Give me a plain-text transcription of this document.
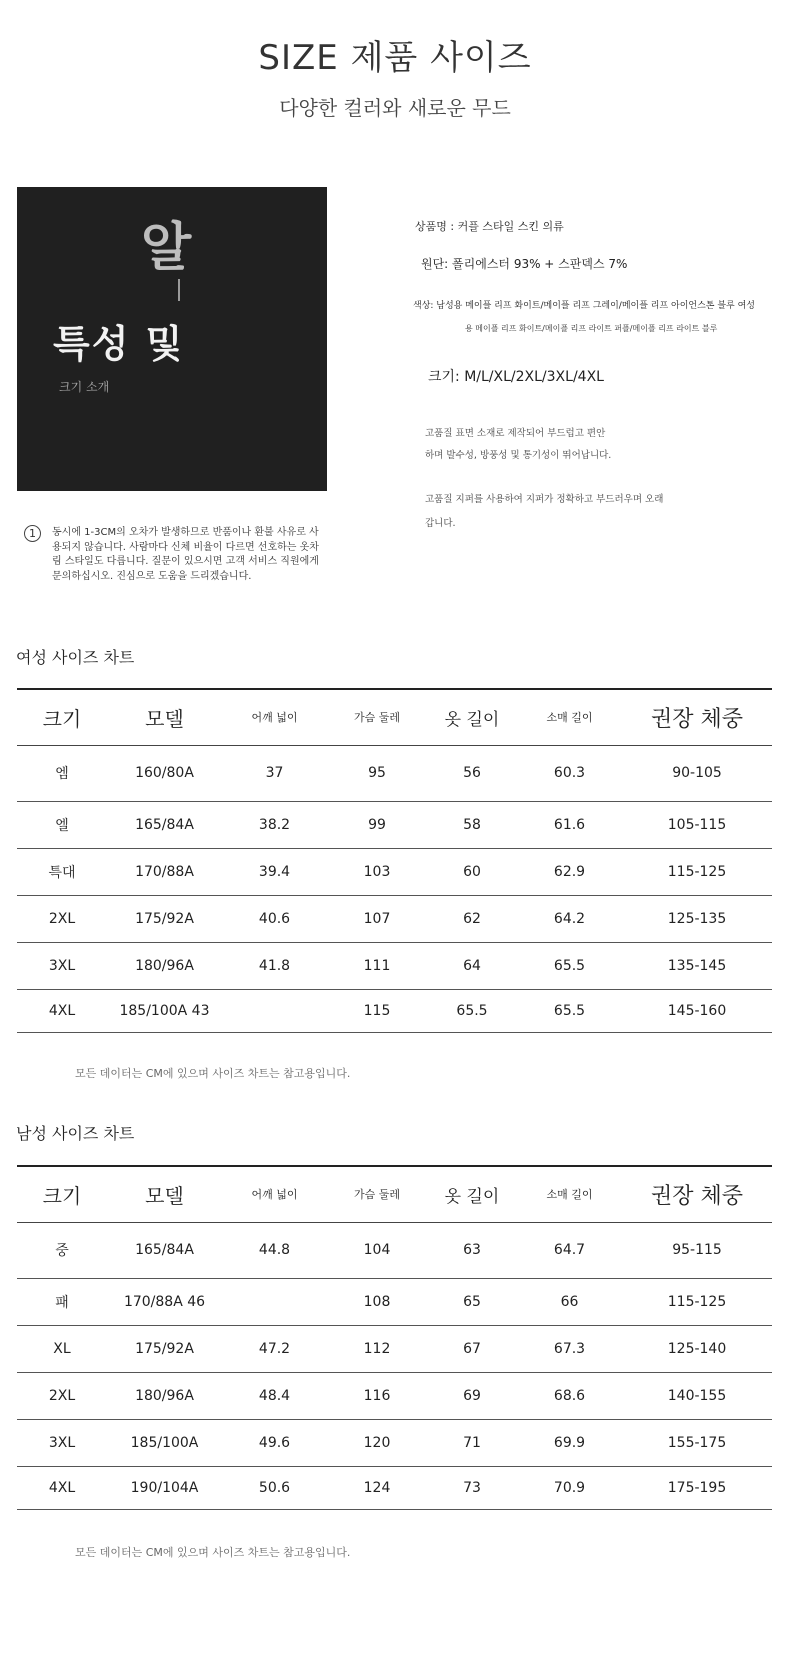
SIZE 제품 사이즈
다양한 컬러와 새로운 무드
알
특성 및
크기 소개
1	동시에 1-3CM의 오차가 발생하므로 반품이나 환불 사유로 사용되지 않습니다. 사람마다 신체 비율이 다르면 선호하는 옷차림 스타일도 다릅니다. 질문이 있으시면 고객 서비스 직원에게 문의하십시오. 진심으로 도움을 드리겠습니다.
상품명 : 커플 스타일 스킨 의류
원단: 폴리에스터 93% + 스판덱스 7%
색상: 남성용 메이플 리프 화이트/메이플 리프 그레이/메이플 리프 아이언스톤 블루 여성
용 메이플 리프 화이트/메이플 리프 라이트 퍼플/메이플 리프 라이트 블루
크기: M/L/XL/2XL/3XL/4XL
고품질 표면 소재로 제작되어 부드럽고 편안
하며 발수성, 방풍성 및 통기성이 뛰어납니다.
고품질 지퍼를 사용하여 지퍼가 정확하고 부드러우며 오래
갑니다.
여성 사이즈 차트
크기	모델	어깨 넓이	가슴 둘레	옷 길이	소매 길이	권장 체중
엠	160/80A	37	95	56	60.3	90-105
엘	165/84A	38.2	99	58	61.6	105-115
특대	170/88A	39.4	103	60	62.9	115-125
2XL	175/92A	40.6	107	62	64.2	125-135
3XL	180/96A	41.8	111	64	65.5	135-145
4XL	185/100A 43		115	65.5	65.5	145-160
모든 데이터는 CM에 있으며 사이즈 차트는 참고용입니다.
남성 사이즈 차트
크기	모델	어깨 넓이	가슴 둘레	옷 길이	소매 길이	권장 체중
중	165/84A	44.8	104	63	64.7	95-115
패	170/88A 46		108	65	66	115-125
XL	175/92A	47.2	112	67	67.3	125-140
2XL	180/96A	48.4	116	69	68.6	140-155
3XL	185/100A	49.6	120	71	69.9	155-175
4XL	190/104A	50.6	124	73	70.9	175-195
모든 데이터는 CM에 있으며 사이즈 차트는 참고용입니다.
